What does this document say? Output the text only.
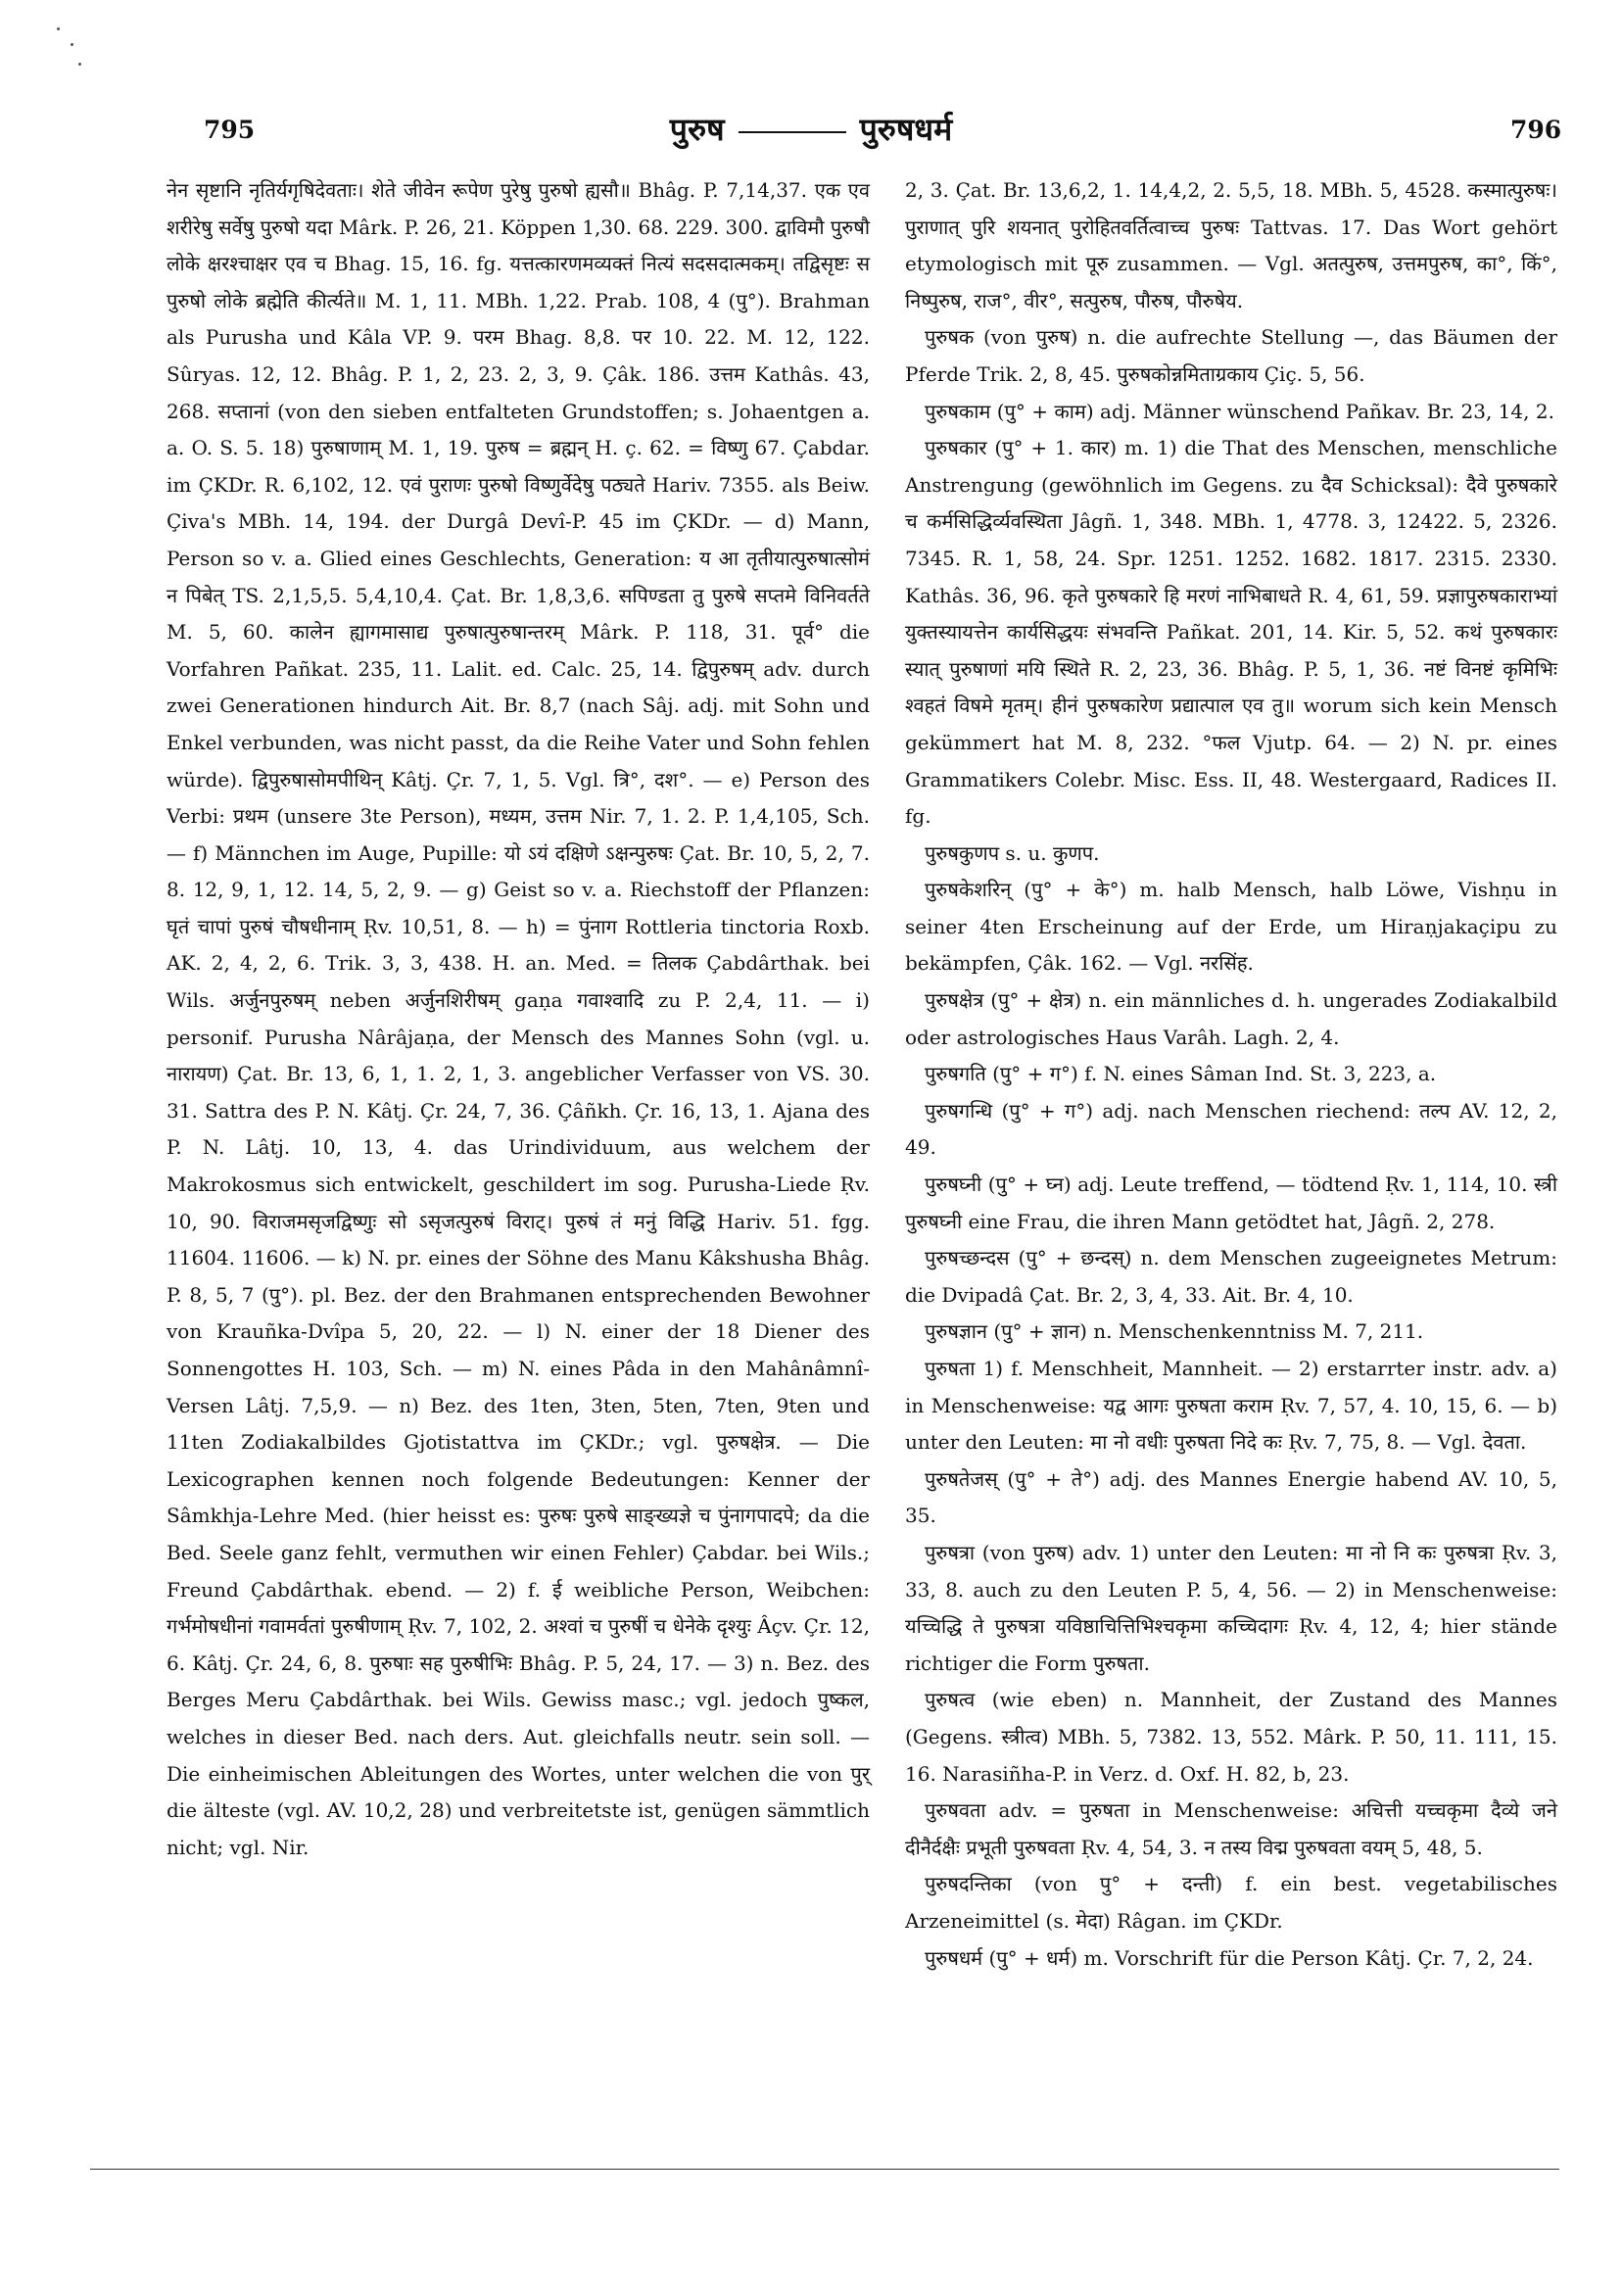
795	पुरुष	पुरुषधर्म	796

नेन सृष्टानि नृतिर्यगृषिदेवताः। शेते जीवेन रूपेण पुरेषु पुरुषो ह्यसौ॥ Bhâg. P. 7,14,37. एक एव शरीरेषु सर्वेषु पुरुषो यदा Mârk. P. 26, 21. Köppen 1,30. 68. 229. 300. द्वाविमौ पुरुषौ लोके क्षरश्चाक्षर एव च Bhag. 15, 16. fg. यत्तत्कारणमव्यक्तं नित्यं सदसदात्मकम्। तद्विसृष्टः स पुरुषो लोके ब्रह्मेति कीर्त्यते॥ M. 1, 11. MBh. 1,22. Prab. 108, 4 (पु°). Brahman als Purusha und Kâla VP. 9. परम Bhag. 8,8. पर 10. 22. M. 12, 122. Sûryas. 12, 12. Bhâg. P. 1, 2, 23. 2, 3, 9. Çâk. 186. उत्तम Kathâs. 43, 268. सप्तानां (von den sieben entfalteten Grundstoffen; s. Johaentgen a. a. O. S. 5. 18) पुरुषाणाम् M. 1, 19. पुरुष = ब्रह्मन् H. ç. 62. = विष्णु 67. Çabdar. im ÇKDr. R. 6,102, 12. एवं पुराणः पुरुषो विष्णुर्वेदेषु पठ्यते Hariv. 7355. als Beiw. Çiva's MBh. 14, 194. der Durgâ Devî-P. 45 im ÇKDr. — d) Mann, Person so v. a. Glied eines Geschlechts, Generation: य आ तृतीयात्पुरुषात्सोमं न पिबेत् TS. 2,1,5,5. 5,4,10,4. Çat. Br. 1,8,3,6. सपिण्डता तु पुरुषे सप्तमे विनिवर्तते M. 5, 60. कालेन ह्यागमासाद्य पुरुषात्पुरुषान्तरम् Mârk. P. 118, 31. पूर्व° die Vorfahren Pañkat. 235, 11. Lalit. ed. Calc. 25, 14. द्विपुरुषम् adv. durch zwei Generationen hindurch Ait. Br. 8,7 (nach Sâj. adj. mit Sohn und Enkel verbunden, was nicht passt, da die Reihe Vater und Sohn fehlen würde). द्विपुरुषासोमपीथिन् Kâtj. Çr. 7, 1, 5. Vgl. त्रि°, दश°. — e) Person des Verbi: प्रथम (unsere 3te Person), मध्यम, उत्तम Nir. 7, 1. 2. P. 1,4,105, Sch. — f) Männchen im Auge, Pupille: यो ऽयं दक्षिणे ऽक्षन्पुरुषः Çat. Br. 10, 5, 2, 7. 8. 12, 9, 1, 12. 14, 5, 2, 9. — g) Geist so v. a. Riechstoff der Pflanzen: घृतं चापां पुरुषं चौषधीनाम् Ṛv. 10,51, 8. — h) = पुंनाग Rottleria tinctoria Roxb. AK. 2, 4, 2, 6. Trik. 3, 3, 438. H. an. Med. = तिलक Çabdârthak. bei Wils. अर्जुनपुरुषम् neben अर्जुनशिरीषम् gaṇa गवाश्वादि zu P. 2,4, 11. — i) personif. Purusha Nârâjaṇa, der Mensch des Mannes Sohn (vgl. u. नारायण) Çat. Br. 13, 6, 1, 1. 2, 1, 3. angeblicher Verfasser von VS. 30. 31. Sattra des P. N. Kâtj. Çr. 24, 7, 36. Çâñkh. Çr. 16, 13, 1. Ajana des P. N. Lâtj. 10, 13, 4. das Urindividuum, aus welchem der Makrokosmus sich entwickelt, geschildert im sog. Purusha-Liede Ṛv. 10, 90. विराजमसृजद्विष्णुः सो ऽसृजत्पुरुषं विराट्। पुरुषं तं मनुं विद्धि Hariv. 51. fgg. 11604. 11606. — k) N. pr. eines der Söhne des Manu Kâkshusha Bhâg. P. 8, 5, 7 (पु°). pl. Bez. der den Brahmanen entsprechenden Bewohner von Krauñka-Dvîpa 5, 20, 22. — l) N. einer der 18 Diener des Sonnengottes H. 103, Sch. — m) N. eines Pâda in den Mahânâmnî-Versen Lâtj. 7,5,9. — n) Bez. des 1ten, 3ten, 5ten, 7ten, 9ten und 11ten Zodiakalbildes Gjotistattva im ÇKDr.; vgl. पुरुषक्षेत्र. — Die Lexicographen kennen noch folgende Bedeutungen: Kenner der Sâmkhja-Lehre Med. (hier heisst es: पुरुषः पुरुषे साङ्ख्यज्ञे च पुंनागपादपे; da die Bed. Seele ganz fehlt, vermuthen wir einen Fehler) Çabdar. bei Wils.; Freund Çabdârthak. ebend. — 2) f. ई weibliche Person, Weibchen: गर्भमोषधीनां गवामर्वतां पुरुषीणाम् Ṛv. 7, 102, 2. अश्वां च पुरुषीं च धेनेके दृश्युः Âçv. Çr. 12, 6. Kâtj. Çr. 24, 6, 8. पुरुषाः सह पुरुषीभिः Bhâg. P. 5, 24, 17. — 3) n. Bez. des Berges Meru Çabdârthak. bei Wils. Gewiss masc.; vgl. jedoch पुष्कल, welches in dieser Bed. nach ders. Aut. gleichfalls neutr. sein soll. — Die einheimischen Ableitungen des Wortes, unter welchen die von पुर् die älteste (vgl. AV. 10,2, 28) und verbreitetste ist, genügen sämmtlich nicht; vgl. Nir.

2, 3. Çat. Br. 13,6,2, 1. 14,4,2, 2. 5,5, 18. MBh. 5, 4528. कस्मात्पुरुषः। पुराणात् पुरि शयनात् पुरोहितवर्तित्वाच्च पुरुषः Tattvas. 17. Das Wort gehört etymologisch mit पूरु zusammen. — Vgl. अतत्पुरुष, उत्तमपुरुष, का°, किं°, निष्पुरुष, राज°, वीर°, सत्पुरुष, पौरुष, पौरुषेय.

पुरुषक (von पुरुष) n. die aufrechte Stellung —, das Bäumen der Pferde Trik. 2, 8, 45. पुरुषकोन्नमिताग्रकाय Çiç. 5, 56.

पुरुषकाम (पु° + काम) adj. Männer wünschend Pañkav. Br. 23, 14, 2.

पुरुषकार (पु° + 1. कार) m. 1) die That des Menschen, menschliche Anstrengung (gewöhnlich im Gegens. zu दैव Schicksal): दैवे पुरुषकारे च कर्मसिद्धिर्व्यवस्थिता Jâgñ. 1, 348. MBh. 1, 4778. 3, 12422. 5, 2326. 7345. R. 1, 58, 24. Spr. 1251. 1252. 1682. 1817. 2315. 2330. Kathâs. 36, 96. कृते पुरुषकारे हि मरणं नाभिबाधते R. 4, 61, 59. प्रज्ञापुरुषकाराभ्यां युक्तस्यायत्तेन कार्यसिद्धयः संभवन्ति Pañkat. 201, 14. Kir. 5, 52. कथं पुरुषकारः स्यात् पुरुषाणां मयि स्थिते R. 2, 23, 36. Bhâg. P. 5, 1, 36. नष्टं विनष्टं कृमिभिः श्वहतं विषमे मृतम्। हीनं पुरुषकारेण प्रद्यात्पाल एव तु॥ worum sich kein Mensch gekümmert hat M. 8, 232. °फल Vjutp. 64. — 2) N. pr. eines Grammatikers Colebr. Misc. Ess. II, 48. Westergaard, Radices II. fg.

पुरुषकुणप s. u. कुणप.

पुरुषकेशरिन् (पु° + के°) m. halb Mensch, halb Löwe, Vishṇu in seiner 4ten Erscheinung auf der Erde, um Hiraṇjakaçipu zu bekämpfen, Çâk. 162. — Vgl. नरसिंह.

पुरुषक्षेत्र (पु° + क्षेत्र) n. ein männliches d. h. ungerades Zodiakalbild oder astrologisches Haus Varâh. Lagh. 2, 4.

पुरुषगति (पु° + ग°) f. N. eines Sâman Ind. St. 3, 223, a.

पुरुषगन्धि (पु° + ग°) adj. nach Menschen riechend: तल्प AV. 12, 2, 49.

पुरुषघ्नी (पु° + घ्न) adj. Leute treffend, — tödtend Ṛv. 1, 114, 10. स्त्री पुरुषघ्नी eine Frau, die ihren Mann getödtet hat, Jâgñ. 2, 278.

पुरुषच्छन्दस (पु° + छन्दस्) n. dem Menschen zugeeignetes Metrum: die Dvipadâ Çat. Br. 2, 3, 4, 33. Ait. Br. 4, 10.

पुरुषज्ञान (पु° + ज्ञान) n. Menschenkenntniss M. 7, 211.

पुरुषता 1) f. Menschheit, Mannheit. — 2) erstarrter instr. adv. a) in Menschenweise: यद्व आगः पुरुषता कराम Ṛv. 7, 57, 4. 10, 15, 6. — b) unter den Leuten: मा नो वधीः पुरुषता निदे कः Ṛv. 7, 75, 8. — Vgl. देवता.

पुरुषतेजस् (पु° + ते°) adj. des Mannes Energie habend AV. 10, 5, 35.

पुरुषत्रा (von पुरुष) adv. 1) unter den Leuten: मा नो नि कः पुरुषत्रा Ṛv. 3, 33, 8. auch zu den Leuten P. 5, 4, 56. — 2) in Menschenweise: यच्चिद्धि ते पुरुषत्रा यविष्ठाचित्तिभिश्चकृमा कच्चिदागः Ṛv. 4, 12, 4; hier stände richtiger die Form पुरुषता.

पुरुषत्व (wie eben) n. Mannheit, der Zustand des Mannes (Gegens. स्त्रीत्व) MBh. 5, 7382. 13, 552. Mârk. P. 50, 11. 111, 15. 16. Narasiñha-P. in Verz. d. Oxf. H. 82, b, 23.

पुरुषवता adv. = पुरुषता in Menschenweise: अचित्ती यच्चकृमा दैव्ये जने दीनैर्दक्षैः प्रभूती पुरुषवता Ṛv. 4, 54, 3. न तस्य विद्म पुरुषवता वयम् 5, 48, 5.

पुरुषदन्तिका (von पु° + दन्ती) f. ein best. vegetabilisches Arzeneimittel (s. मेदा) Râgan. im ÇKDr.

पुरुषधर्म (पु° + धर्म) m. Vorschrift für die Person Kâtj. Çr. 7, 2, 24.
